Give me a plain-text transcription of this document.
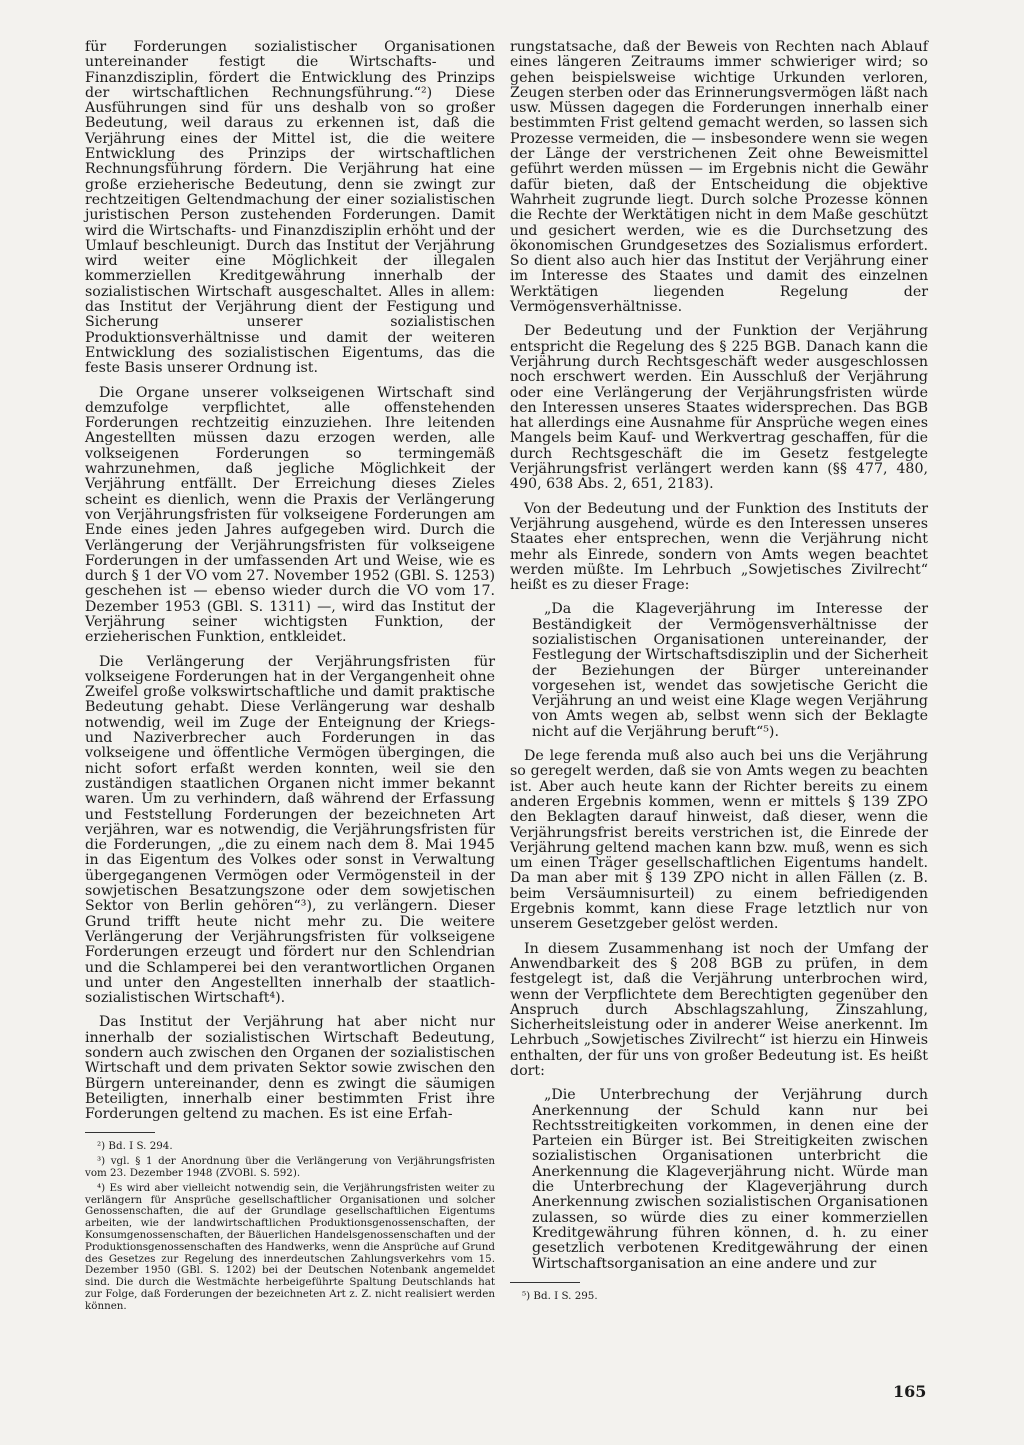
für Forderungen sozialistischer Organisationen untereinander festigt die Wirtschafts- und Finanzdisziplin, fördert die Entwicklung des Prinzips der wirtschaftlichen Rechnungsführung.“²) Diese Ausführungen sind für uns deshalb von so großer Bedeutung, weil daraus zu erkennen ist, daß die Verjährung eines der Mittel ist, die die weitere Entwicklung des Prinzips der wirtschaftlichen Rechnungsführung fördern. Die Verjährung hat eine große erzieherische Bedeutung, denn sie zwingt zur rechtzeitigen Geltendmachung der einer sozialistischen juristischen Person zustehenden Forderungen. Damit wird die Wirtschafts- und Finanzdisziplin erhöht und der Umlauf beschleunigt. Durch das Institut der Verjährung wird weiter eine Möglichkeit der illegalen kommerziellen Kreditgewährung innerhalb der sozialistischen Wirtschaft ausgeschaltet. Alles in allem: das Institut der Verjährung dient der Festigung und Sicherung unserer sozialistischen Produktionsverhältnisse und damit der weiteren Entwicklung des sozialistischen Eigentums, das die feste Basis unserer Ordnung ist.

Die Organe unserer volkseigenen Wirtschaft sind demzufolge verpflichtet, alle offenstehenden Forderungen rechtzeitig einzuziehen. Ihre leitenden Angestellten müssen dazu erzogen werden, alle volkseigenen Forderungen so termingemäß wahrzunehmen, daß jegliche Möglichkeit der Verjährung entfällt. Der Erreichung dieses Zieles scheint es dienlich, wenn die Praxis der Verlängerung von Verjährungsfristen für volkseigene Forderungen am Ende eines jeden Jahres aufgegeben wird. Durch die Verlängerung der Verjährungsfristen für volkseigene Forderungen in der umfassenden Art und Weise, wie es durch § 1 der VO vom 27. November 1952 (GBl. S. 1253) geschehen ist — ebenso wieder durch die VO vom 17. Dezember 1953 (GBl. S. 1311) —, wird das Institut der Verjährung seiner wichtigsten Funktion, der erzieherischen Funktion, entkleidet.

Die Verlängerung der Verjährungsfristen für volkseigene Forderungen hat in der Vergangenheit ohne Zweifel große volkswirtschaftliche und damit praktische Bedeutung gehabt. Diese Verlängerung war deshalb notwendig, weil im Zuge der Enteignung der Kriegs- und Naziverbrecher auch Forderungen in das volkseigene und öffentliche Vermögen übergingen, die nicht sofort erfaßt werden konnten, weil sie den zuständigen staatlichen Organen nicht immer bekannt waren. Um zu verhindern, daß während der Erfassung und Feststellung Forderungen der bezeichneten Art verjähren, war es notwendig, die Verjährungsfristen für die Forderungen, „die zu einem nach dem 8. Mai 1945 in das Eigentum des Volkes oder sonst in Verwaltung übergegangenen Vermögen oder Vermögensteil in der sowjetischen Besatzungszone oder dem sowjetischen Sektor von Berlin gehören“³), zu verlängern. Dieser Grund trifft heute nicht mehr zu. Die weitere Verlängerung der Verjährungsfristen für volkseigene Forderungen erzeugt und fördert nur den Schlendrian und die Schlamperei bei den verantwortlichen Organen und unter den Angestellten innerhalb der staatlich-sozialistischen Wirtschaft⁴).

Das Institut der Verjährung hat aber nicht nur innerhalb der sozialistischen Wirtschaft Bedeutung, sondern auch zwischen den Organen der sozialistischen Wirtschaft und dem privaten Sektor sowie zwischen den Bürgern untereinander, denn es zwingt die säumigen Beteiligten, innerhalb einer bestimmten Frist ihre Forderungen geltend zu machen. Es ist eine Erfah-

²) Bd. I S. 294.

³) vgl. § 1 der Anordnung über die Verlängerung von Verjährungsfristen vom 23. Dezember 1948 (ZVOBl. S. 592).

⁴) Es wird aber vielleicht notwendig sein, die Verjährungsfristen weiter zu verlängern für Ansprüche gesellschaftlicher Organisationen und solcher Genossenschaften, die auf der Grundlage gesellschaftlichen Eigentums arbeiten, wie der landwirtschaftlichen Produktionsgenossenschaften, der Konsumgenossenschaften, der Bäuerlichen Handelsgenossenschaften und der Produktionsgenossenschaften des Handwerks, wenn die Ansprüche auf Grund des Gesetzes zur Regelung des innerdeutschen Zahlungsverkehrs vom 15. Dezember 1950 (GBl. S. 1202) bei der Deutschen Notenbank angemeldet sind. Die durch die Westmächte herbeigeführte Spaltung Deutschlands hat zur Folge, daß Forderungen der bezeichneten Art z. Z. nicht realisiert werden können.

rungstatsache, daß der Beweis von Rechten nach Ablauf eines längeren Zeitraums immer schwieriger wird; so gehen beispielsweise wichtige Urkunden verloren, Zeugen sterben oder das Erinnerungsvermögen läßt nach usw. Müssen dagegen die Forderungen innerhalb einer bestimmten Frist geltend gemacht werden, so lassen sich Prozesse vermeiden, die — insbesondere wenn sie wegen der Länge der verstrichenen Zeit ohne Beweismittel geführt werden müssen — im Ergebnis nicht die Gewähr dafür bieten, daß der Entscheidung die objektive Wahrheit zugrunde liegt. Durch solche Prozesse können die Rechte der Werktätigen nicht in dem Maße geschützt und gesichert werden, wie es die Durchsetzung des ökonomischen Grundgesetzes des Sozialismus erfordert. So dient also auch hier das Institut der Verjährung einer im Interesse des Staates und damit des einzelnen Werktätigen liegenden Regelung der Vermögensverhältnisse.

Der Bedeutung und der Funktion der Verjährung entspricht die Regelung des § 225 BGB. Danach kann die Verjährung durch Rechtsgeschäft weder ausgeschlossen noch erschwert werden. Ein Ausschluß der Verjährung oder eine Verlängerung der Verjährungsfristen würde den Interessen unseres Staates widersprechen. Das BGB hat allerdings eine Ausnahme für Ansprüche wegen eines Mangels beim Kauf- und Werkvertrag geschaffen, für die durch Rechtsgeschäft die im Gesetz festgelegte Verjährungsfrist verlängert werden kann (§§ 477, 480, 490, 638 Abs. 2, 651, 2183).

Von der Bedeutung und der Funktion des Instituts der Verjährung ausgehend, würde es den Interessen unseres Staates eher entsprechen, wenn die Verjährung nicht mehr als Einrede, sondern von Amts wegen beachtet werden müßte. Im Lehrbuch „Sowjetisches Zivilrecht“ heißt es zu dieser Frage:

„Da die Klageverjährung im Interesse der Beständigkeit der Vermögensverhältnisse der sozialistischen Organisationen untereinander, der Festlegung der Wirtschaftsdisziplin und der Sicherheit der Beziehungen der Bürger untereinander vorgesehen ist, wendet das sowjetische Gericht die Verjährung an und weist eine Klage wegen Verjährung von Amts wegen ab, selbst wenn sich der Beklagte nicht auf die Verjährung beruft“⁵).

De lege ferenda muß also auch bei uns die Verjährung so geregelt werden, daß sie von Amts wegen zu beachten ist. Aber auch heute kann der Richter bereits zu einem anderen Ergebnis kommen, wenn er mittels § 139 ZPO den Beklagten darauf hinweist, daß dieser, wenn die Verjährungsfrist bereits verstrichen ist, die Einrede der Verjährung geltend machen kann bzw. muß, wenn es sich um einen Träger gesellschaftlichen Eigentums handelt. Da man aber mit § 139 ZPO nicht in allen Fällen (z. B. beim Versäumnisurteil) zu einem befriedigenden Ergebnis kommt, kann diese Frage letztlich nur von unserem Gesetzgeber gelöst werden.

In diesem Zusammenhang ist noch der Umfang der Anwendbarkeit des § 208 BGB zu prüfen, in dem festgelegt ist, daß die Verjährung unterbrochen wird, wenn der Verpflichtete dem Berechtigten gegenüber den Anspruch durch Abschlagszahlung, Zinszahlung, Sicherheitsleistung oder in anderer Weise anerkennt. Im Lehrbuch „Sowjetisches Zivilrecht“ ist hierzu ein Hinweis enthalten, der für uns von großer Bedeutung ist. Es heißt dort:

„Die Unterbrechung der Verjährung durch Anerkennung der Schuld kann nur bei Rechtsstreitigkeiten vorkommen, in denen eine der Parteien ein Bürger ist. Bei Streitigkeiten zwischen sozialistischen Organisationen unterbricht die Anerkennung die Klageverjährung nicht. Würde man die Unterbrechung der Klageverjährung durch Anerkennung zwischen sozialistischen Organisationen zulassen, so würde dies zu einer kommerziellen Kreditgewährung führen können, d. h. zu einer gesetzlich verbotenen Kreditgewährung der einen Wirtschaftsorganisation an eine andere und zur

⁵) Bd. I S. 295.

165
